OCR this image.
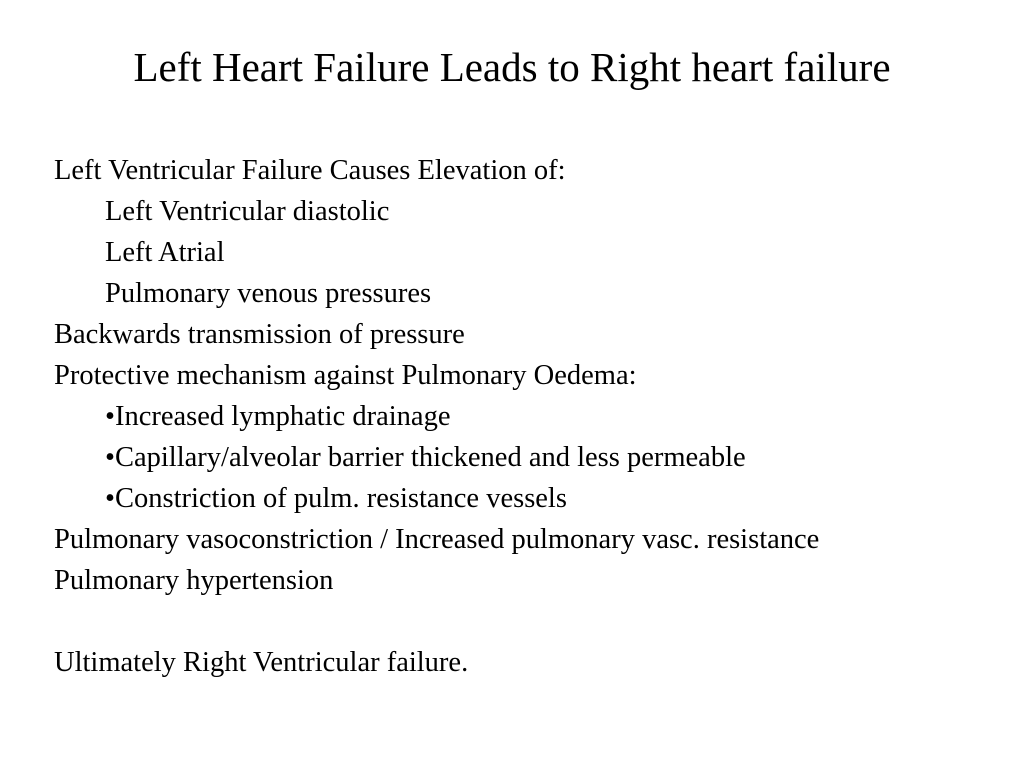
Left Heart Failure Leads to Right heart failure
Left Ventricular Failure Causes Elevation of:
Left Ventricular diastolic
Left Atrial
Pulmonary venous pressures
Backwards transmission of pressure
Protective mechanism against Pulmonary Oedema:
•Increased lymphatic drainage
•Capillary/alveolar barrier thickened and less permeable
•Constriction of pulm. resistance vessels
Pulmonary vasoconstriction / Increased pulmonary vasc. resistance
Pulmonary hypertension
Ultimately Right Ventricular failure.
